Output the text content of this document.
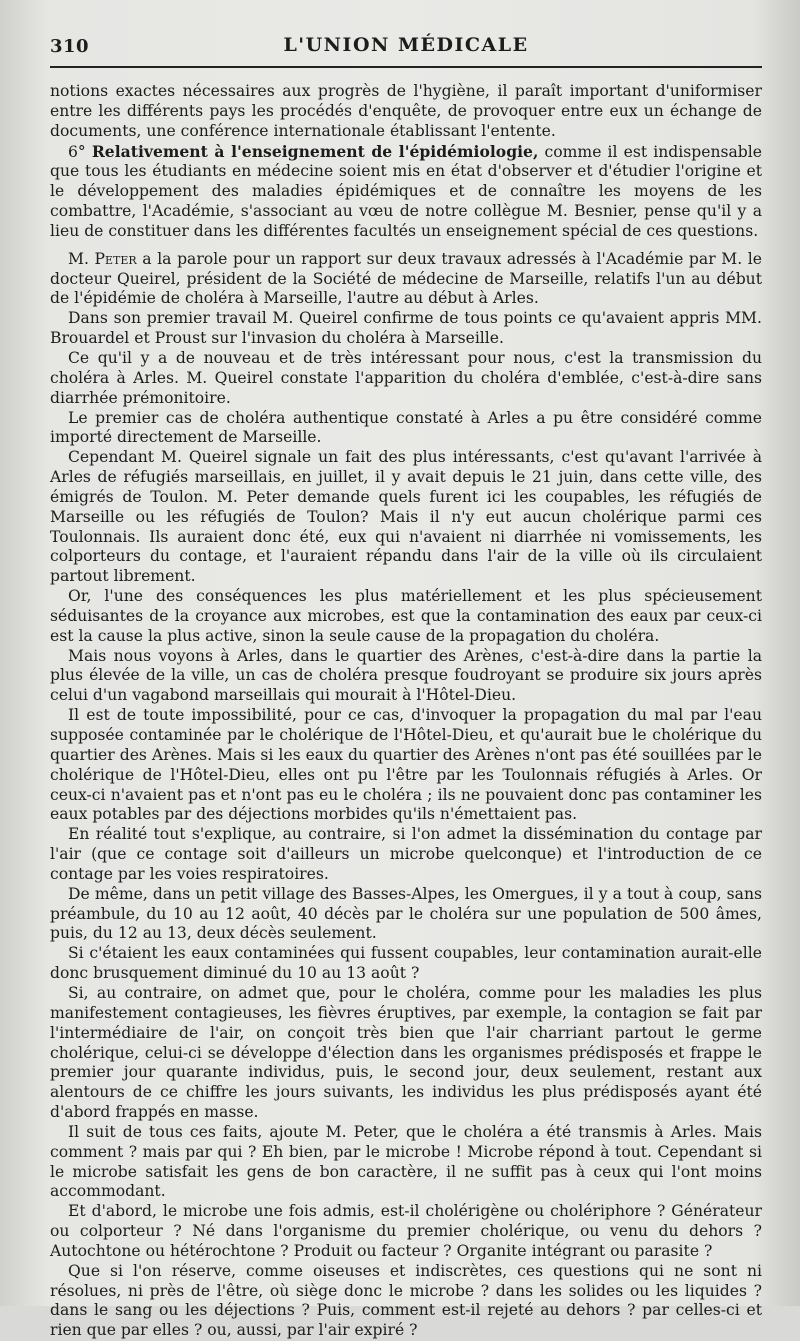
310	L'UNION MÉDICALE

notions exactes nécessaires aux progrès de l'hygiène, il paraît important d'uniformiser entre les différents pays les procédés d'enquête, de provoquer entre eux un échange de documents, une conférence internationale établissant l'entente.

6° Relativement à l'enseignement de l'épidémiologie, comme il est indispensable que tous les étudiants en médecine soient mis en état d'observer et d'étudier l'origine et le développement des maladies épidémiques et de connaître les moyens de les combattre, l'Académie, s'associant au vœu de notre collègue M. Besnier, pense qu'il y a lieu de constituer dans les différentes facultés un enseignement spécial de ces questions.

M. Peter a la parole pour un rapport sur deux travaux adressés à l'Académie par M. le docteur Queirel, président de la Société de médecine de Marseille, relatifs l'un au début de l'épidémie de choléra à Marseille, l'autre au début à Arles.

Dans son premier travail M. Queirel confirme de tous points ce qu'avaient appris MM. Brouardel et Proust sur l'invasion du choléra à Marseille.

Ce qu'il y a de nouveau et de très intéressant pour nous, c'est la transmission du choléra à Arles. M. Queirel constate l'apparition du choléra d'emblée, c'est-à-dire sans diarrhée prémonitoire.

Le premier cas de choléra authentique constaté à Arles a pu être considéré comme importé directement de Marseille.

Cependant M. Queirel signale un fait des plus intéressants, c'est qu'avant l'arrivée à Arles de réfugiés marseillais, en juillet, il y avait depuis le 21 juin, dans cette ville, des émigrés de Toulon. M. Peter demande quels furent ici les coupables, les réfugiés de Marseille ou les réfugiés de Toulon? Mais il n'y eut aucun cholérique parmi ces Toulonnais. Ils auraient donc été, eux qui n'avaient ni diarrhée ni vomissements, les colporteurs du contage, et l'auraient répandu dans l'air de la ville où ils circulaient partout librement.

Or, l'une des conséquences les plus matériellement et les plus spécieusement séduisantes de la croyance aux microbes, est que la contamination des eaux par ceux-ci est la cause la plus active, sinon la seule cause de la propagation du choléra.

Mais nous voyons à Arles, dans le quartier des Arènes, c'est-à-dire dans la partie la plus élevée de la ville, un cas de choléra presque foudroyant se produire six jours après celui d'un vagabond marseillais qui mourait à l'Hôtel-Dieu.

Il est de toute impossibilité, pour ce cas, d'invoquer la propagation du mal par l'eau supposée contaminée par le cholérique de l'Hôtel-Dieu, et qu'aurait bue le cholérique du quartier des Arènes. Mais si les eaux du quartier des Arènes n'ont pas été souillées par le cholérique de l'Hôtel-Dieu, elles ont pu l'être par les Toulonnais réfugiés à Arles. Or ceux-ci n'avaient pas et n'ont pas eu le choléra ; ils ne pouvaient donc pas contaminer les eaux potables par des déjections morbides qu'ils n'émettaient pas.

En réalité tout s'explique, au contraire, si l'on admet la dissémination du contage par l'air (que ce contage soit d'ailleurs un microbe quelconque) et l'introduction de ce contage par les voies respiratoires.

De même, dans un petit village des Basses-Alpes, les Omergues, il y a tout à coup, sans préambule, du 10 au 12 août, 40 décès par le choléra sur une population de 500 âmes, puis, du 12 au 13, deux décès seulement.

Si c'étaient les eaux contaminées qui fussent coupables, leur contamination aurait-elle donc brusquement diminué du 10 au 13 août ?

Si, au contraire, on admet que, pour le choléra, comme pour les maladies les plus manifestement contagieuses, les fièvres éruptives, par exemple, la contagion se fait par l'intermédiaire de l'air, on conçoit très bien que l'air charriant partout le germe cholérique, celui-ci se développe d'élection dans les organismes prédisposés et frappe le premier jour quarante individus, puis, le second jour, deux seulement, restant aux alentours de ce chiffre les jours suivants, les individus les plus prédisposés ayant été d'abord frappés en masse.

Il suit de tous ces faits, ajoute M. Peter, que le choléra a été transmis à Arles. Mais comment ? mais par qui ? Eh bien, par le microbe ! Microbe répond à tout. Cependant si le microbe satisfait les gens de bon caractère, il ne suffit pas à ceux qui l'ont moins accommodant.

Et d'abord, le microbe une fois admis, est-il cholérigène ou cholériphore ? Générateur ou colporteur ? Né dans l'organisme du premier cholérique, ou venu du dehors ? Autochtone ou hétérochtone ? Produit ou facteur ? Organite intégrant ou parasite ?

Que si l'on réserve, comme oiseuses et indiscrètes, ces questions qui ne sont ni résolues, ni près de l'être, où siège donc le microbe ? dans les solides ou les liquides ? dans le sang ou les déjections ? Puis, comment est-il rejeté au dehors ? par celles-ci et rien que par elles ? ou, aussi, par l'air expiré ?
